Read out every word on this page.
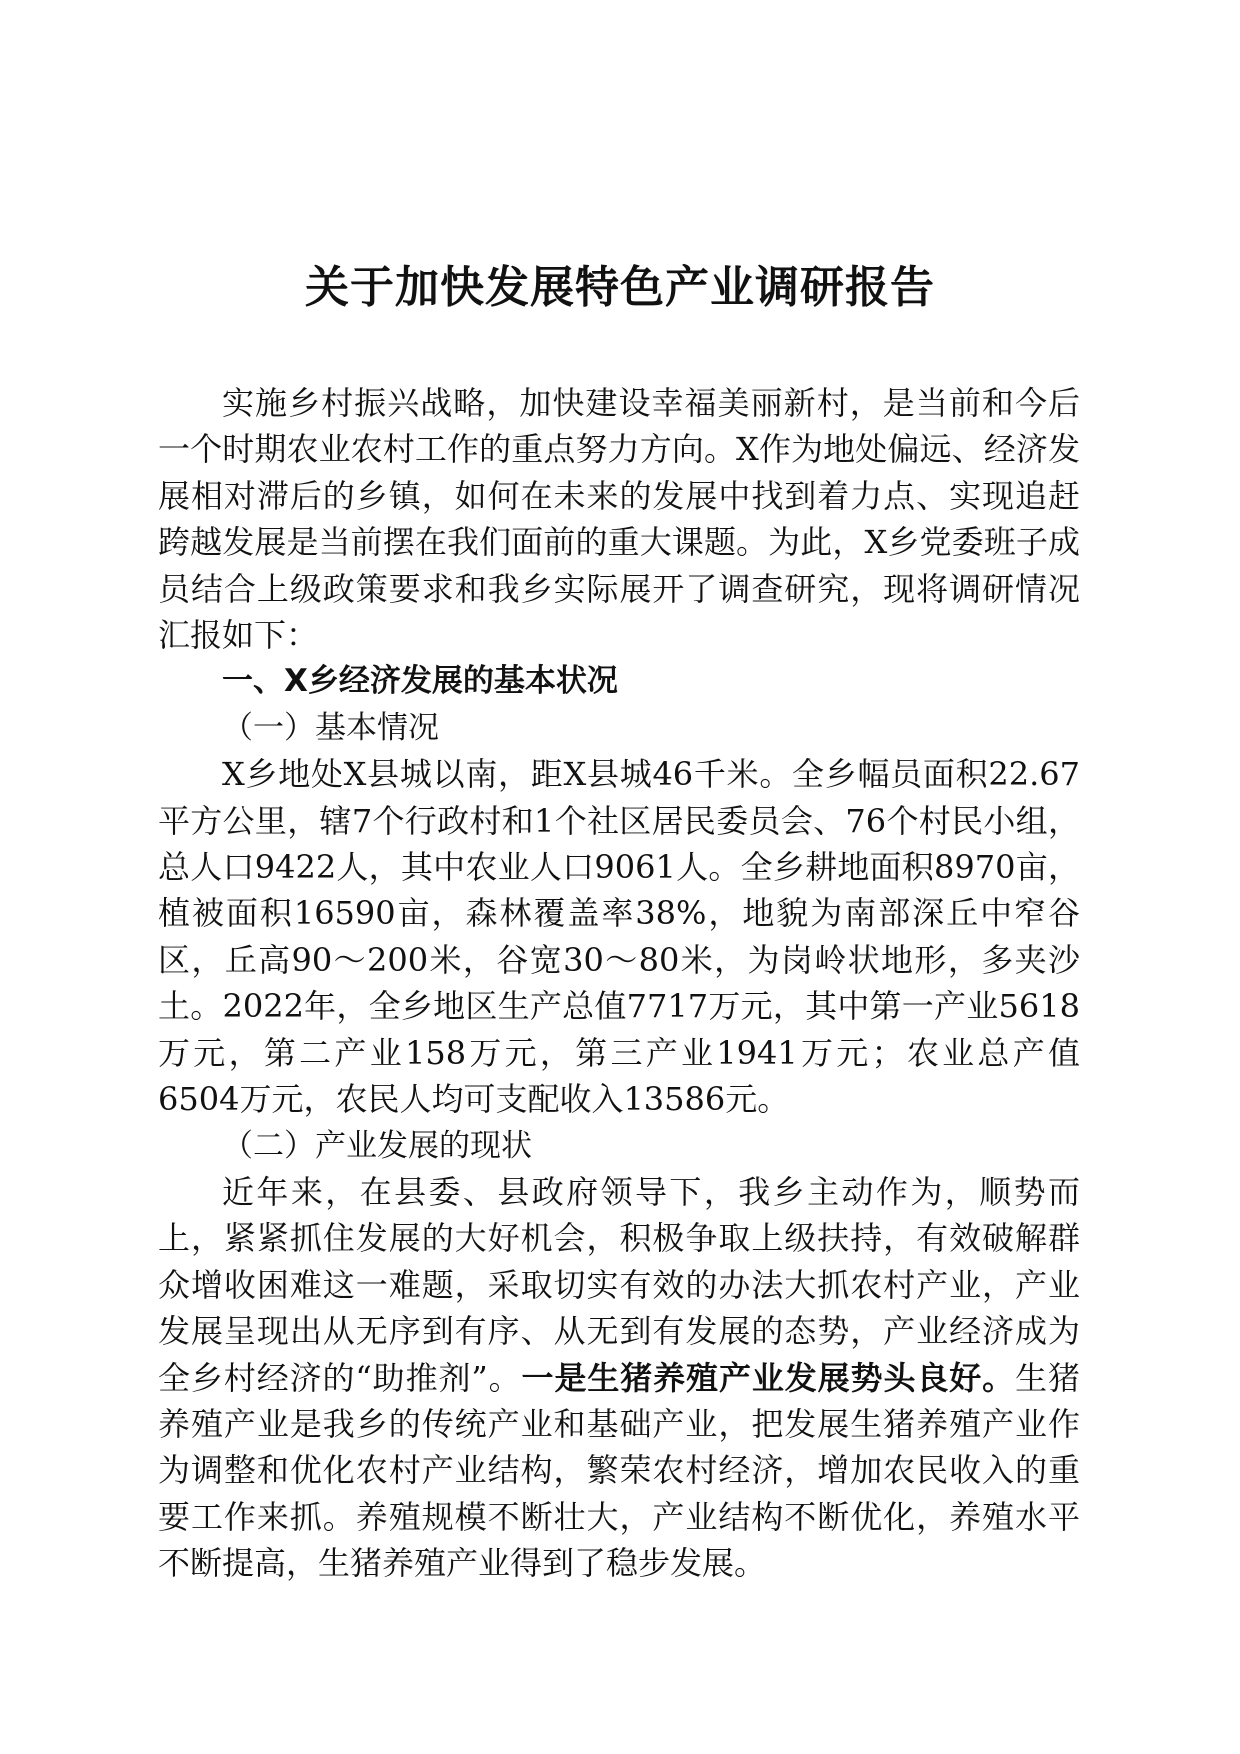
关于加快发展特色产业调研报告

实施乡村振兴战略，加快建设幸福美丽新村，是当前和今后一个时期农业农村工作的重点努力方向。X作为地处偏远、经济发展相对滞后的乡镇，如何在未来的发展中找到着力点、实现追赶跨越发展是当前摆在我们面前的重大课题。为此，X乡党委班子成员结合上级政策要求和我乡实际展开了调查研究，现将调研情况汇报如下：

一、X乡经济发展的基本状况
（一）基本情况

X乡地处X县城以南，距X县城46千米。全乡幅员面积22.67平方公里，辖7个行政村和1个社区居民委员会、76个村民小组，总人口9422人，其中农业人口9061人。全乡耕地面积8970亩，植被面积16590亩，森林覆盖率38%，地貌为南部深丘中窄谷区，丘高90～200米，谷宽30～80米，为岗岭状地形，多夹沙土。2022年，全乡地区生产总值7717万元，其中第一产业5618万元，第二产业158万元，第三产业1941万元；农业总产值6504万元，农民人均可支配收入13586元。

（二）产业发展的现状

近年来，在县委、县政府领导下，我乡主动作为，顺势而上，紧紧抓住发展的大好机会，积极争取上级扶持，有效破解群众增收困难这一难题，采取切实有效的办法大抓农村产业，产业发展呈现出从无序到有序、从无到有发展的态势，产业经济成为全乡村经济的“助推剂”。一是生猪养殖产业发展势头良好。生猪养殖产业是我乡的传统产业和基础产业，把发展生猪养殖产业作为调整和优化农村产业结构，繁荣农村经济，增加农民收入的重要工作来抓。养殖规模不断壮大，产业结构不断优化，养殖水平不断提高，生猪养殖产业得到了稳步发展。
